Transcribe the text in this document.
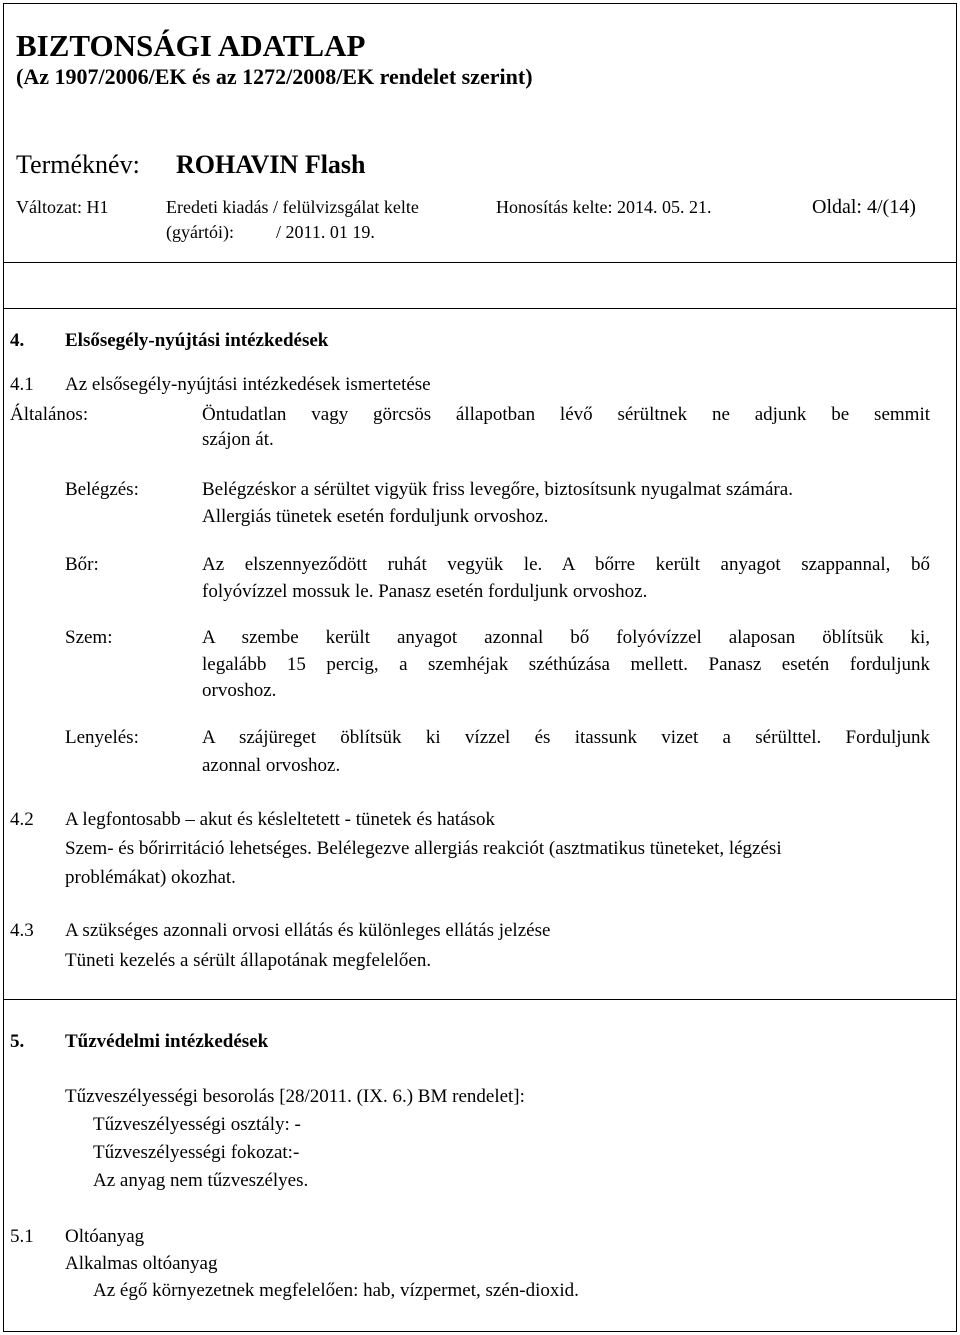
BIZTONSÁGI ADATLAP
(Az 1907/2006/EK és az 1272/2008/EK rendelet szerint)
Terméknév: ROHAVIN Flash
Változat: H1	Eredeti kiadás / felülvizsgálat kelte
(gyártói): / 2011. 01 19.
Honosítás kelte: 2014. 05. 21.	Oldal: 4/(14)
4. Elsősegély-nyújtási intézkedések
4.1 Az elsősegély-nyújtási intézkedések ismertetése
Általános:	Öntudatlan vagy görcsös állapotban lévő sérültnek ne adjunk be semmit
szájon át.
Belégzés:	Belégzéskor a sérültet vigyük friss levegőre, biztosítsunk nyugalmat számára.
Allergiás tünetek esetén forduljunk orvoshoz.
Bőr:	Az elszennyeződött ruhát vegyük le. A bőrre került anyagot szappannal, bő
folyóvízzel mossuk le. Panasz esetén forduljunk orvoshoz.
Szem:	A szembe került anyagot azonnal bő folyóvízzel alaposan öblítsük ki,
legalább 15 percig, a szemhéjak széthúzása mellett. Panasz esetén forduljunk
orvoshoz.
Lenyelés:	A szájüreget öblítsük ki vízzel és itassunk vizet a sérülttel. Forduljunk
azonnal orvoshoz.
4.2 A legfontosabb – akut és késleltetett - tünetek és hatások
Szem- és bőrirritáció lehetséges. Belélegezve allergiás reakciót (asztmatikus tüneteket, légzési
problémákat) okozhat.
4.3 A szükséges azonnali orvosi ellátás és különleges ellátás jelzése
Tüneti kezelés a sérült állapotának megfelelően.
5. Tűzvédelmi intézkedések
Tűzveszélyességi besorolás [28/2011. (IX. 6.) BM rendelet]:
Tűzveszélyességi osztály: -
Tűzveszélyességi fokozat:-
Az anyag nem tűzveszélyes.
5.1 Oltóanyag
Alkalmas oltóanyag
Az égő környezetnek megfelelően: hab, vízpermet, szén-dioxid.
